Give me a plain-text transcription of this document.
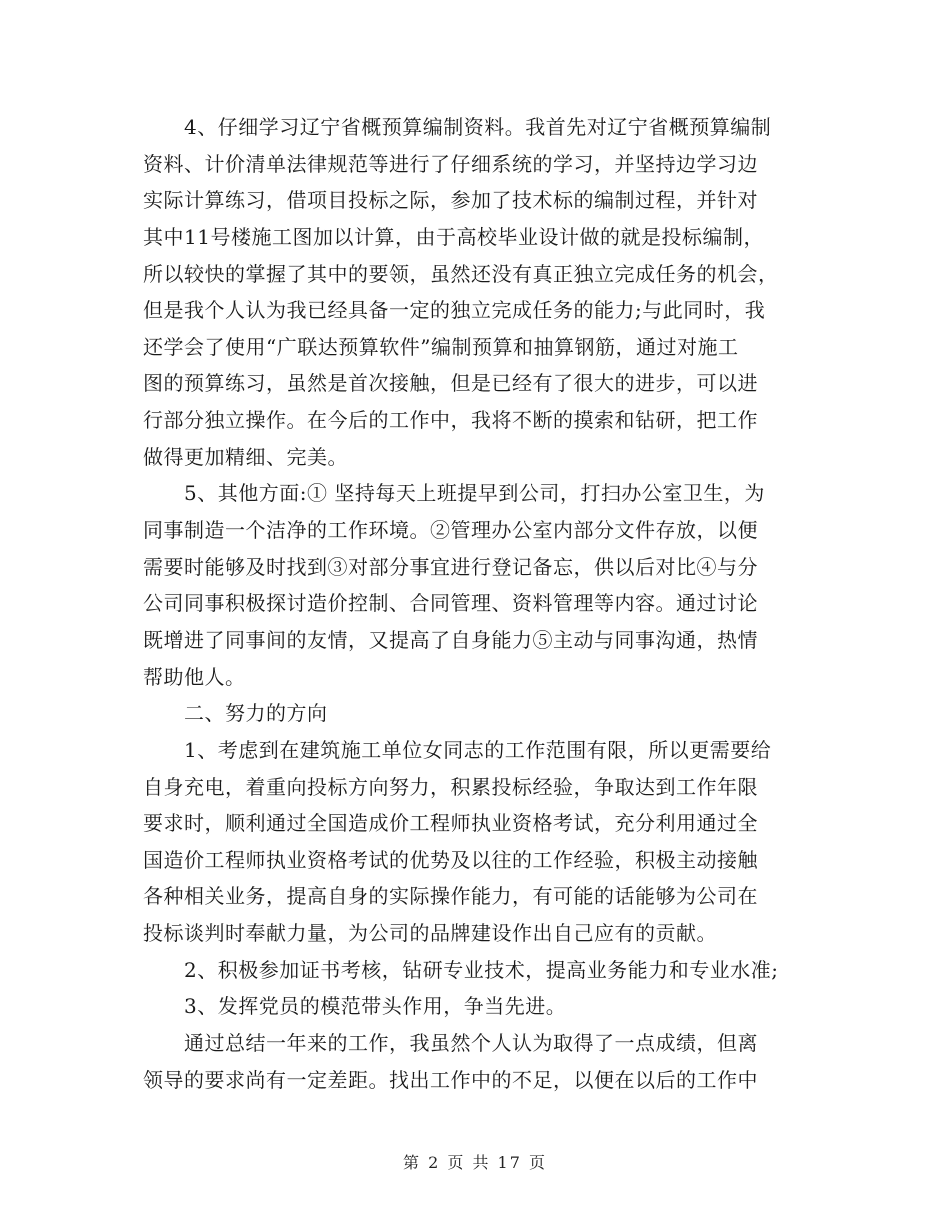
4、仔细学习辽宁省概预算编制资料。我首先对辽宁省概预算编制
资料、计价清单法律规范等进行了仔细系统的学习，并坚持边学习边
实际计算练习，借项目投标之际，参加了技术标的编制过程，并针对
其中11号楼施工图加以计算，由于高校毕业设计做的就是投标编制，
所以较快的掌握了其中的要领，虽然还没有真正独立完成任务的机会，
但是我个人认为我已经具备一定的独立完成任务的能力;与此同时，我
还学会了使用“广联达预算软件”编制预算和抽算钢筋，通过对施工
图的预算练习，虽然是首次接触，但是已经有了很大的进步，可以进
行部分独立操作。在今后的工作中，我将不断的摸索和钻研，把工作
做得更加精细、完美。
5、其他方面:① 坚持每天上班提早到公司，打扫办公室卫生，为
同事制造一个洁净的工作环境。②管理办公室内部分文件存放，以便
需要时能够及时找到③对部分事宜进行登记备忘，供以后对比④与分
公司同事积极探讨造价控制、合同管理、资料管理等内容。通过讨论
既增进了同事间的友情，又提高了自身能力⑤主动与同事沟通，热情
帮助他人。
二、努力的方向
1、考虑到在建筑施工单位女同志的工作范围有限，所以更需要给
自身充电，着重向投标方向努力，积累投标经验，争取达到工作年限
要求时，顺利通过全国造成价工程师执业资格考试，充分利用通过全
国造价工程师执业资格考试的优势及以往的工作经验，积极主动接触
各种相关业务，提高自身的实际操作能力，有可能的话能够为公司在
投标谈判时奉献力量，为公司的品牌建设作出自己应有的贡献。
2、积极参加证书考核，钻研专业技术，提高业务能力和专业水准;
3、发挥党员的模范带头作用，争当先进。
通过总结一年来的工作，我虽然个人认为取得了一点成绩，但离
领导的要求尚有一定差距。找出工作中的不足，以便在以后的工作中
第 2 页 共 17 页
